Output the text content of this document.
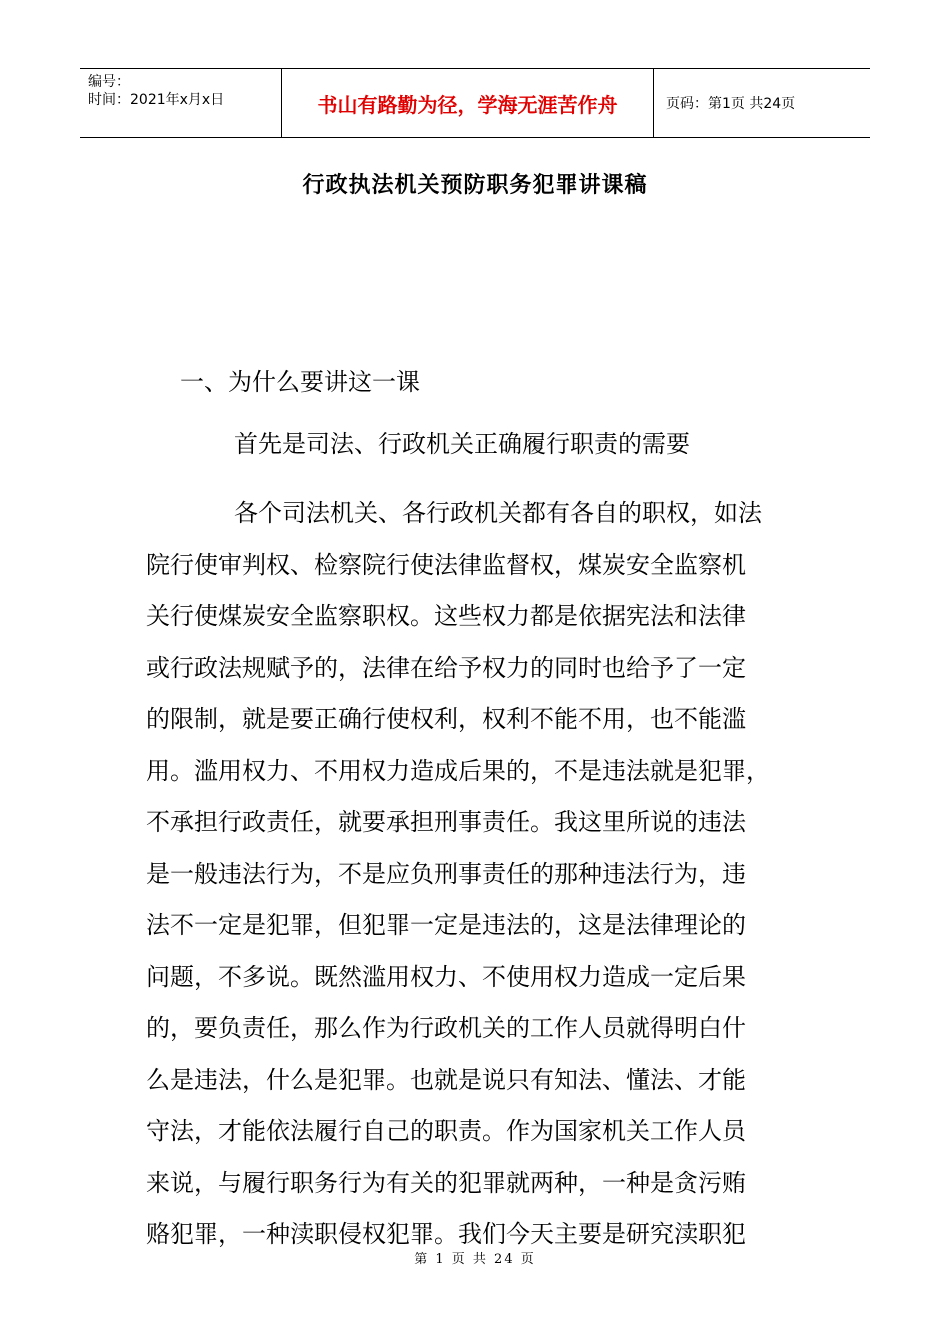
编号：
时间：2021年x月x日	书山有路勤为径，学海无涯苦作舟	页码：第1页 共24页
行政执法机关预防职务犯罪讲课稿
一、为什么要讲这一课
首先是司法、行政机关正确履行职责的需要
各个司法机关、各行政机关都有各自的职权，如法
院行使审判权、检察院行使法律监督权，煤炭安全监察机
关行使煤炭安全监察职权。这些权力都是依据宪法和法律
或行政法规赋予的，法律在给予权力的同时也给予了一定
的限制，就是要正确行使权利，权利不能不用，也不能滥
用。滥用权力、不用权力造成后果的，不是违法就是犯罪，
不承担行政责任，就要承担刑事责任。我这里所说的违法
是一般违法行为，不是应负刑事责任的那种违法行为，违
法不一定是犯罪，但犯罪一定是违法的，这是法律理论的
问题，不多说。既然滥用权力、不使用权力造成一定后果
的，要负责任，那么作为行政机关的工作人员就得明白什
么是违法，什么是犯罪。也就是说只有知法、懂法、才能
守法，才能依法履行自己的职责。作为国家机关工作人员
来说，与履行职务行为有关的犯罪就两种，一种是贪污贿
赂犯罪，一种渎职侵权犯罪。我们今天主要是研究渎职犯
第 1 页 共 24 页
